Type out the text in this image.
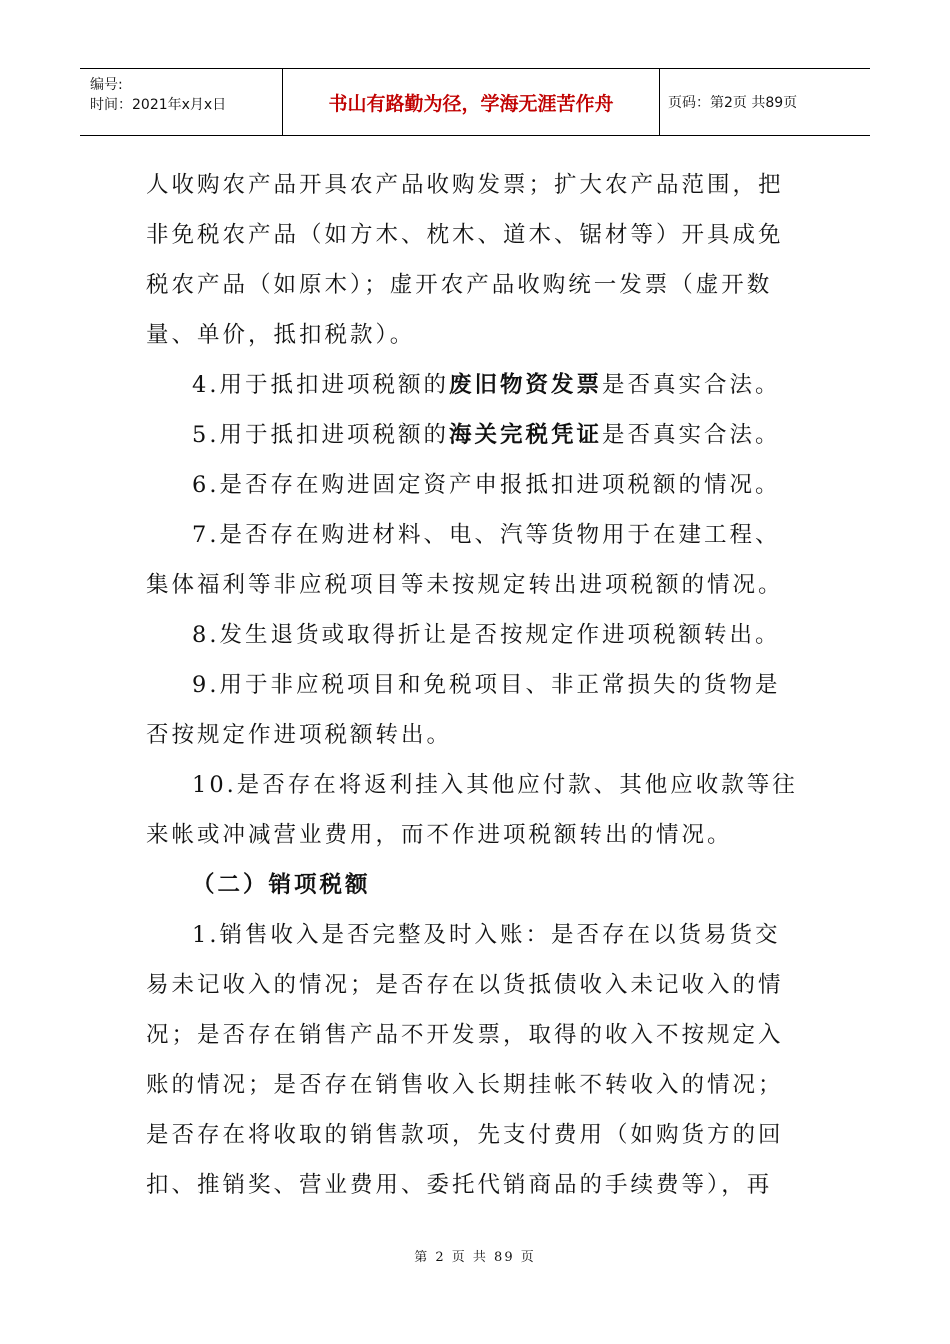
编号:
时间：2021年x月x日	书山有路勤为径，学海无涯苦作舟	页码：第2页 共89页

人收购农产品开具农产品收购发票；扩大农产品范围，把

非免税农产品（如方木、枕木、道木、锯材等）开具成免

税农产品（如原木）；虚开农产品收购统一发票（虚开数

量、单价，抵扣税款）。

4.用于抵扣进项税额的废旧物资发票是否真实合法。

5.用于抵扣进项税额的海关完税凭证是否真实合法。

6.是否存在购进固定资产申报抵扣进项税额的情况。

7.是否存在购进材料、电、汽等货物用于在建工程、

集体福利等非应税项目等未按规定转出进项税额的情况。

8.发生退货或取得折让是否按规定作进项税额转出。

9.用于非应税项目和免税项目、非正常损失的货物是

否按规定作进项税额转出。

10.是否存在将返利挂入其他应付款、其他应收款等往

来帐或冲减营业费用，而不作进项税额转出的情况。

（二）销项税额

1.销售收入是否完整及时入账：是否存在以货易货交

易未记收入的情况；是否存在以货抵债收入未记收入的情

况；是否存在销售产品不开发票，取得的收入不按规定入

账的情况；是否存在销售收入长期挂帐不转收入的情况；

是否存在将收取的销售款项，先支付费用（如购货方的回

扣、推销奖、营业费用、委托代销商品的手续费等），再

第 2 页 共 89 页
